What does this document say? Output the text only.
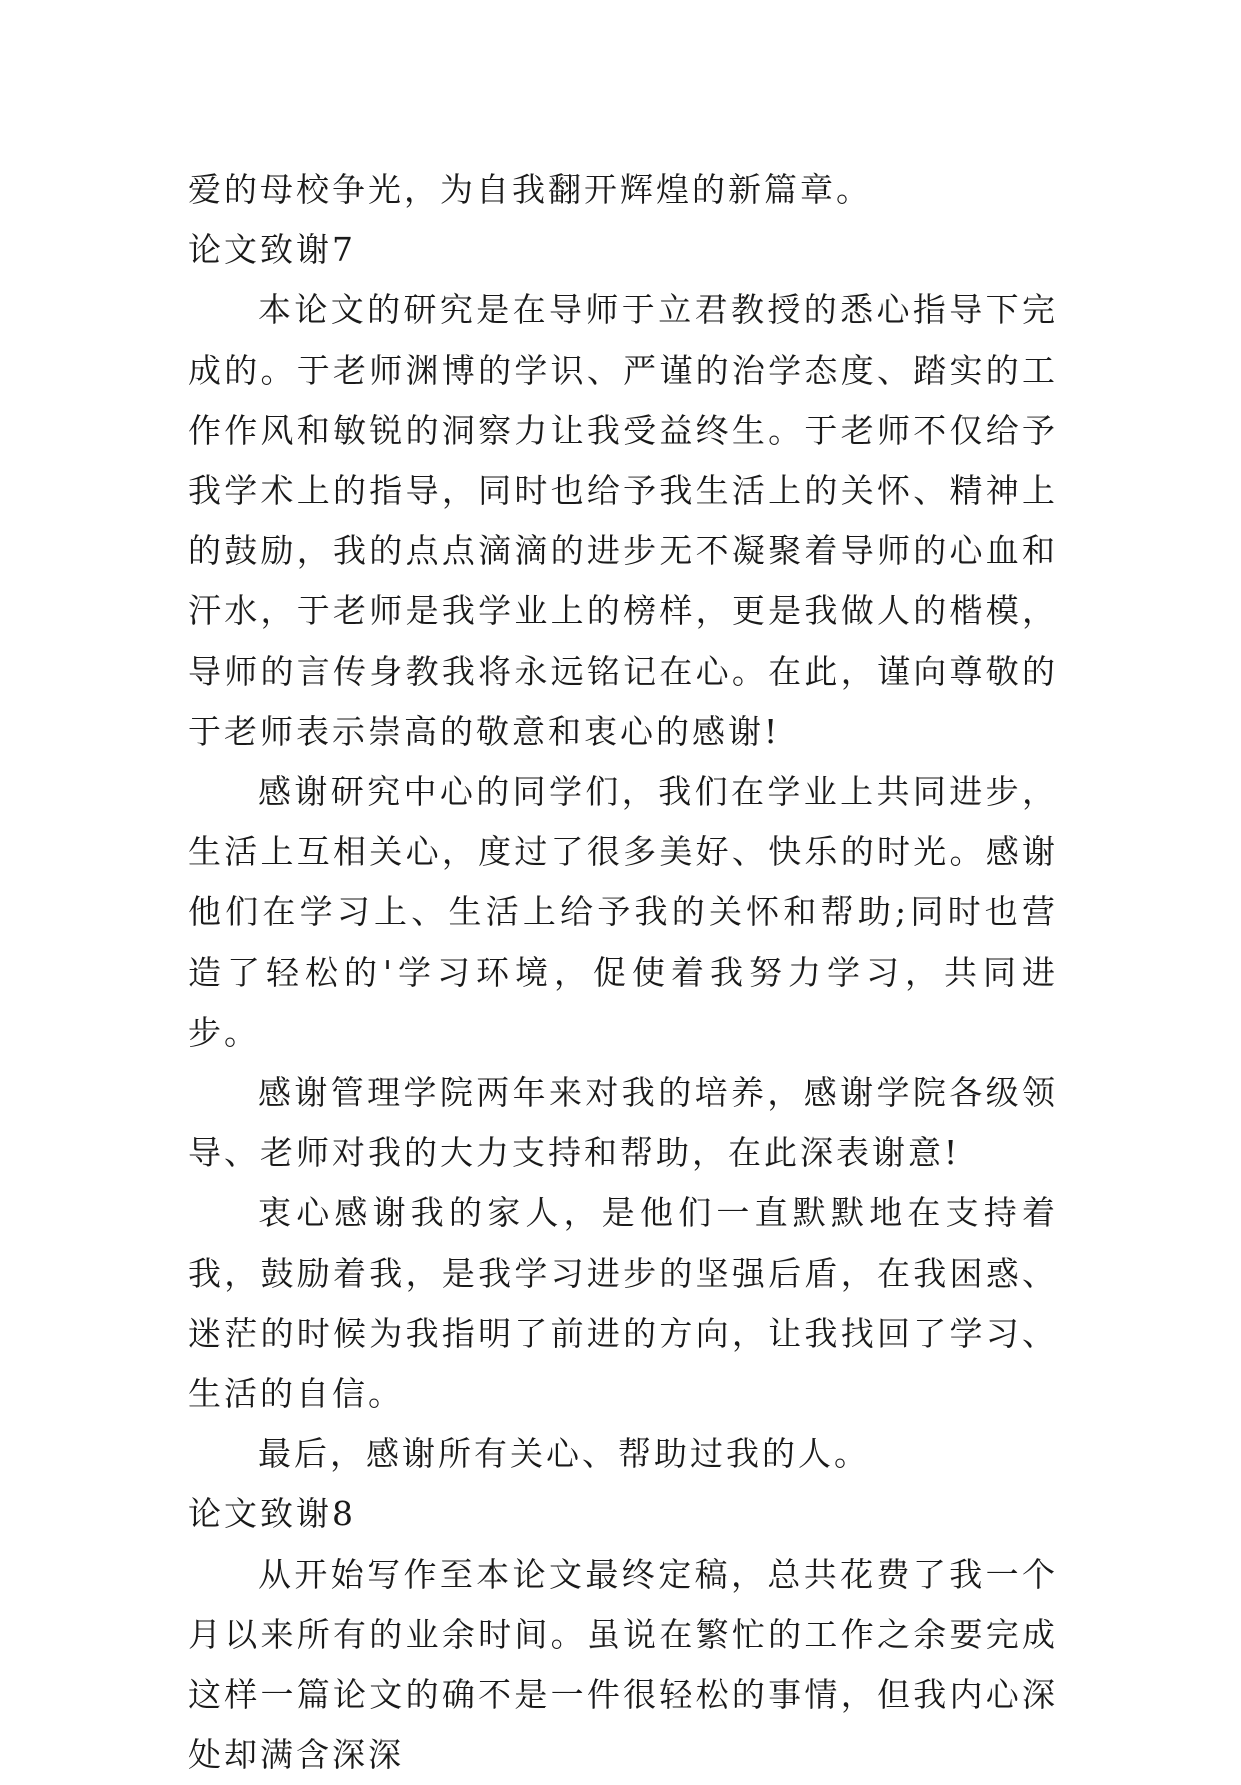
爱的母校争光，为自我翻开辉煌的新篇章。

论文致谢7

本论文的研究是在导师于立君教授的悉心指导下完成的。于老师渊博的学识、严谨的治学态度、踏实的工作作风和敏锐的洞察力让我受益终生。于老师不仅给予我学术上的指导，同时也给予我生活上的关怀、精神上的鼓励，我的点点滴滴的进步无不凝聚着导师的心血和汗水，于老师是我学业上的榜样，更是我做人的楷模，导师的言传身教我将永远铭记在心。在此，谨向尊敬的于老师表示崇高的敬意和衷心的感谢!

感谢研究中心的同学们，我们在学业上共同进步，生活上互相关心，度过了很多美好、快乐的时光。感谢他们在学习上、生活上给予我的关怀和帮助;同时也营造了轻松的'学习环境，促使着我努力学习，共同进步。

感谢管理学院两年来对我的培养，感谢学院各级领导、老师对我的大力支持和帮助，在此深表谢意!

衷心感谢我的家人，是他们一直默默地在支持着我，鼓励着我，是我学习进步的坚强后盾，在我困惑、迷茫的时候为我指明了前进的方向，让我找回了学习、生活的自信。

最后，感谢所有关心、帮助过我的人。

论文致谢8

从开始写作至本论文最终定稿，总共花费了我一个月以来所有的业余时间。虽说在繁忙的工作之余要完成这样一篇论文的确不是一件很轻松的事情，但我内心深处却满含深深
